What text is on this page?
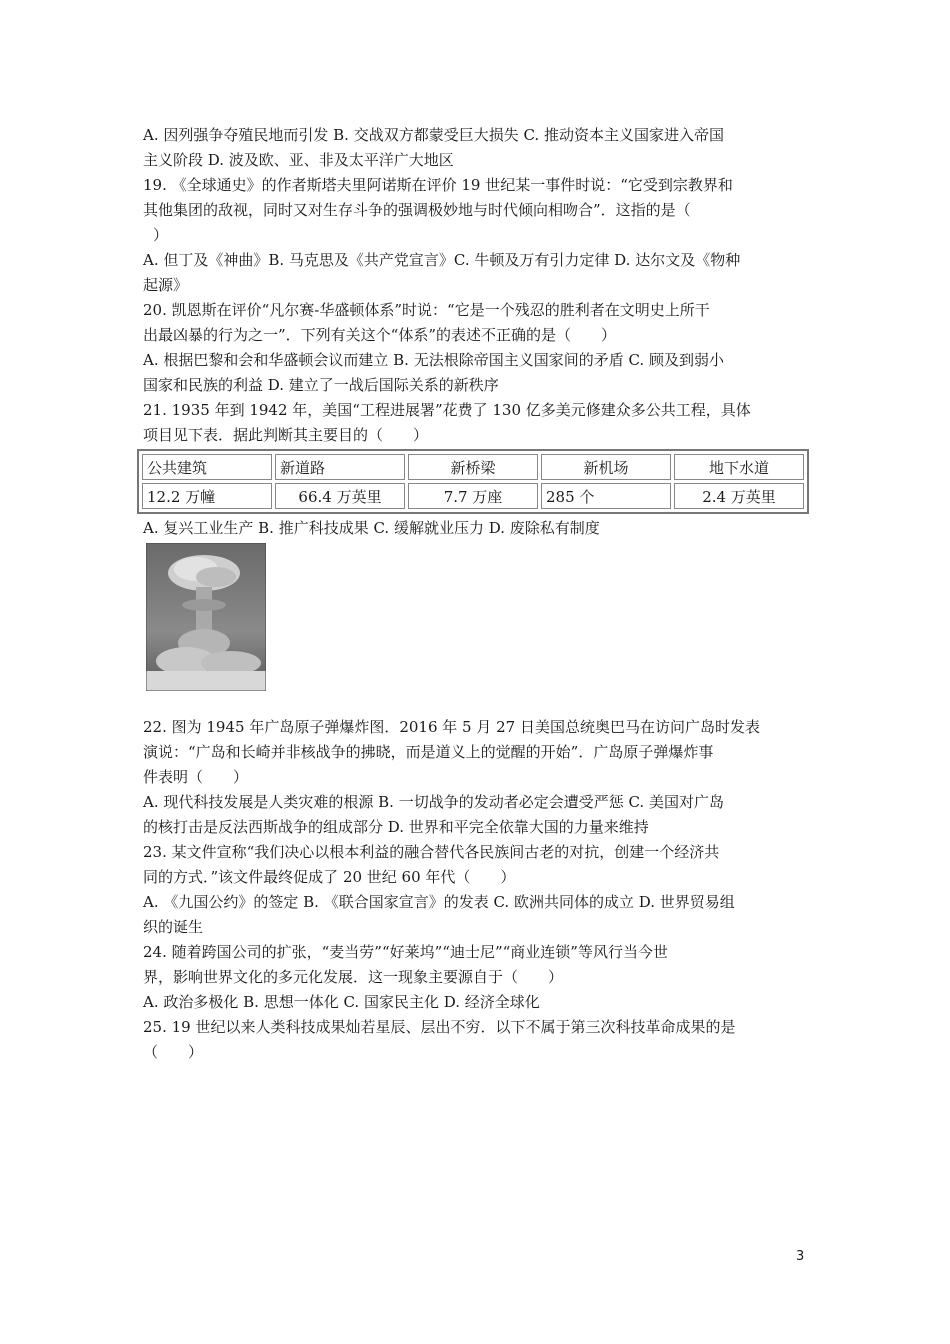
A. 因列强争夺殖民地而引发 B. 交战双方都蒙受巨大损失 C. 推动资本主义国家进入帝国
主义阶段 D. 波及欧、亚、非及太平洋广大地区
19. 《全球通史》的作者斯塔夫里阿诺斯在评价 19 世纪某一事件时说：“它受到宗教界和
其他集团的敌视，同时又对生存斗争的强调极妙地与时代倾向相吻合”．这指的是（
）
A. 但丁及《神曲》B. 马克思及《共产党宣言》C. 牛顿及万有引力定律 D. 达尔文及《物种
起源》
20. 凯恩斯在评价“凡尔赛-华盛顿体系”时说：“它是一个残忍的胜利者在文明史上所干
出最凶暴的行为之一”．下列有关这个“体系”的表述不正确的是（　　）
A. 根据巴黎和会和华盛顿会议而建立 B. 无法根除帝国主义国家间的矛盾 C. 顾及到弱小
国家和民族的利益 D. 建立了一战后国际关系的新秩序
21. 1935 年到 1942 年，美国“工程进展署”花费了 130 亿多美元修建众多公共工程，具体
项目见下表．据此判断其主要目的（　　）
公共建筑	新道路	新桥梁	新机场	地下水道
12.2 万幢	66.4 万英里	7.7 万座	285 个	2.4 万英里
A. 复兴工业生产 B. 推广科技成果 C. 缓解就业压力 D. 废除私有制度
22. 图为 1945 年广岛原子弹爆炸图．2016 年 5 月 27 日美国总统奥巴马在访问广岛时发表
演说：“广岛和长崎并非核战争的拂晓，而是道义上的觉醒的开始”．广岛原子弹爆炸事
件表明（　　）
A. 现代科技发展是人类灾难的根源 B. 一切战争的发动者必定会遭受严惩 C. 美国对广岛
的核打击是反法西斯战争的组成部分 D. 世界和平完全依靠大国的力量来维持
23. 某文件宣称“我们决心以根本利益的融合替代各民族间古老的对抗，创建一个经济共
同的方式．”该文件最终促成了 20 世纪 60 年代（　　）
A. 《九国公约》的签定 B. 《联合国家宣言》的发表 C. 欧洲共同体的成立 D. 世界贸易组
织的诞生
24. 随着跨国公司的扩张，“麦当劳”“好莱坞”“迪士尼”“商业连锁”等风行当今世
界，影响世界文化的多元化发展．这一现象主要源自于（　　）
A. 政治多极化 B. 思想一体化 C. 国家民主化 D. 经济全球化
25. 19 世纪以来人类科技成果灿若星辰、层出不穷．以下不属于第三次科技革命成果的是
（　　）
3
